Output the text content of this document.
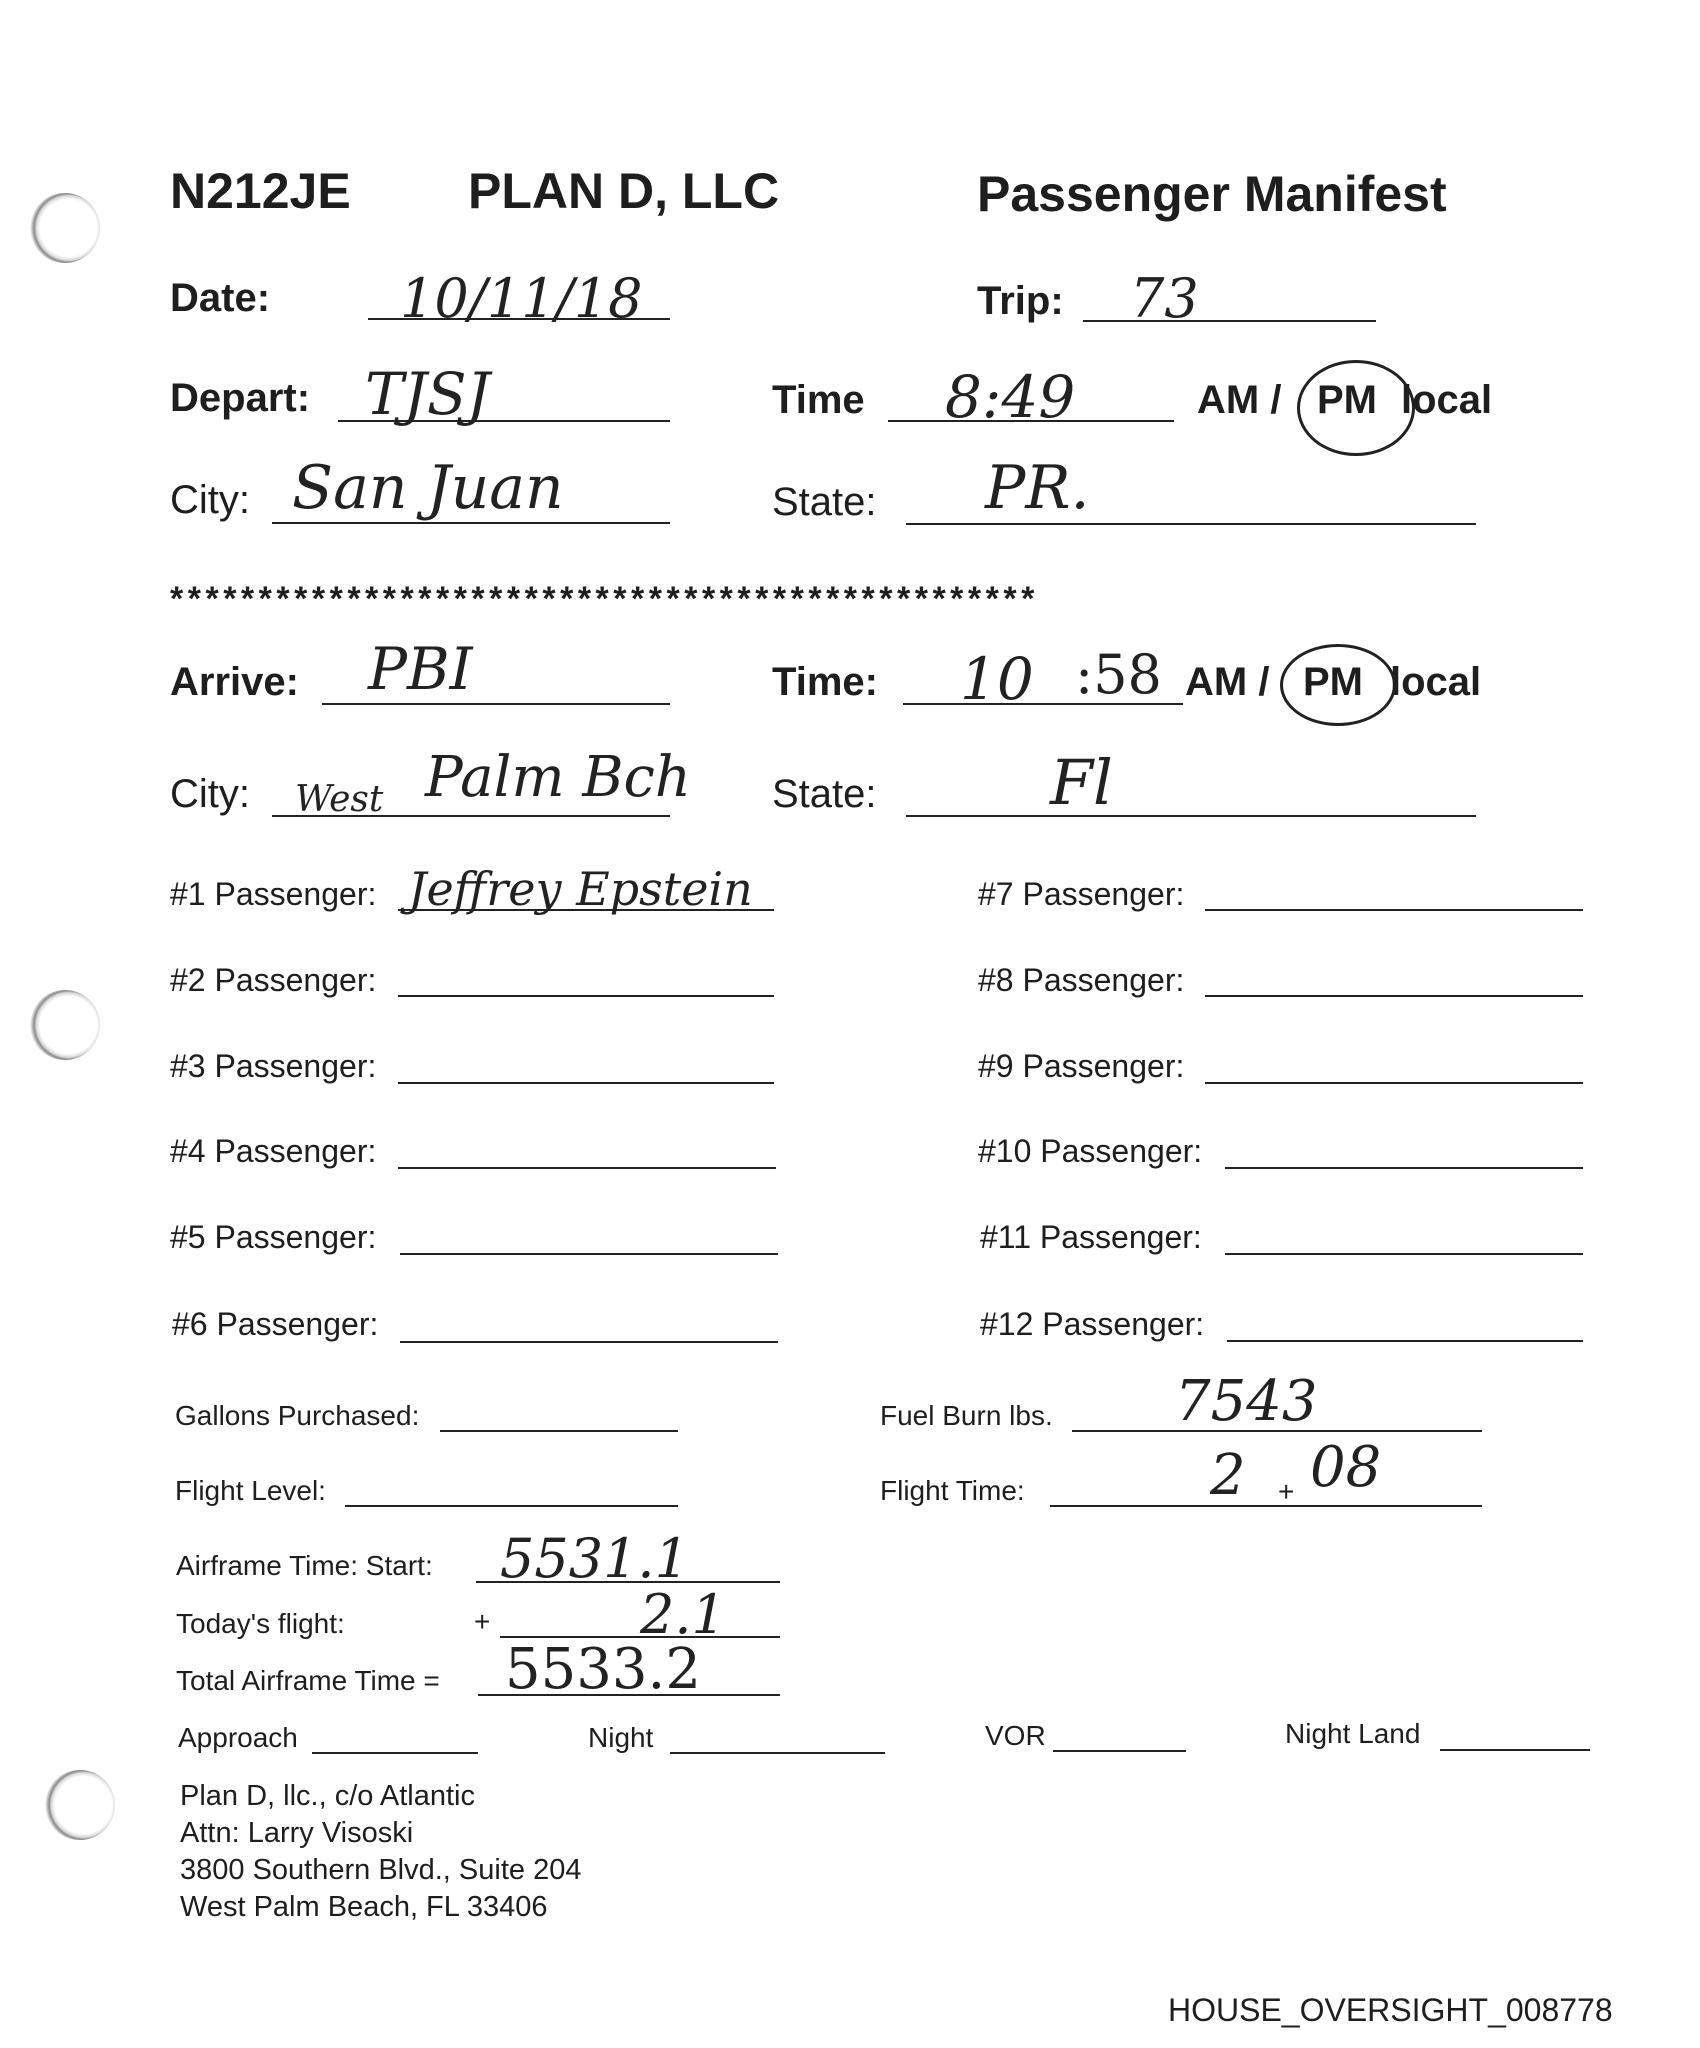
N212JE PLAN D, LLC	Passenger Manifest
Date: 10/11/18	Trip: 73
Depart: TJSJ	Time 8:49	AM / PM local
City: San Juan	State: PR.
*************************************************
Arrive: PBI	Time: 10 :58 AM / PM local
City: West Palm Bch State:	Fl
#1 Passenger: Jeffrey Epstein
#2 Passenger:
#3 Passenger:
#4 Passenger:
#5 Passenger:
#6 Passenger:
#7 Passenger:
#8 Passenger:
#9 Passenger:
#10 Passenger:
#11 Passenger:
#12 Passenger:
Gallons Purchased:	Fuel Burn lbs. 7543
Flight Level:	Flight Time:	2 + 08
Airframe Time: Start: 5531.1
Today's flight:	+	2.1
Total Airframe Time = 5533.2
Approach	Night	VOR	Night Land
Plan D, llc., c/o Atlantic
Attn: Larry Visoski
3800 Southern Blvd., Suite 204
West Palm Beach, FL 33406
HOUSE_OVERSIGHT_008778
